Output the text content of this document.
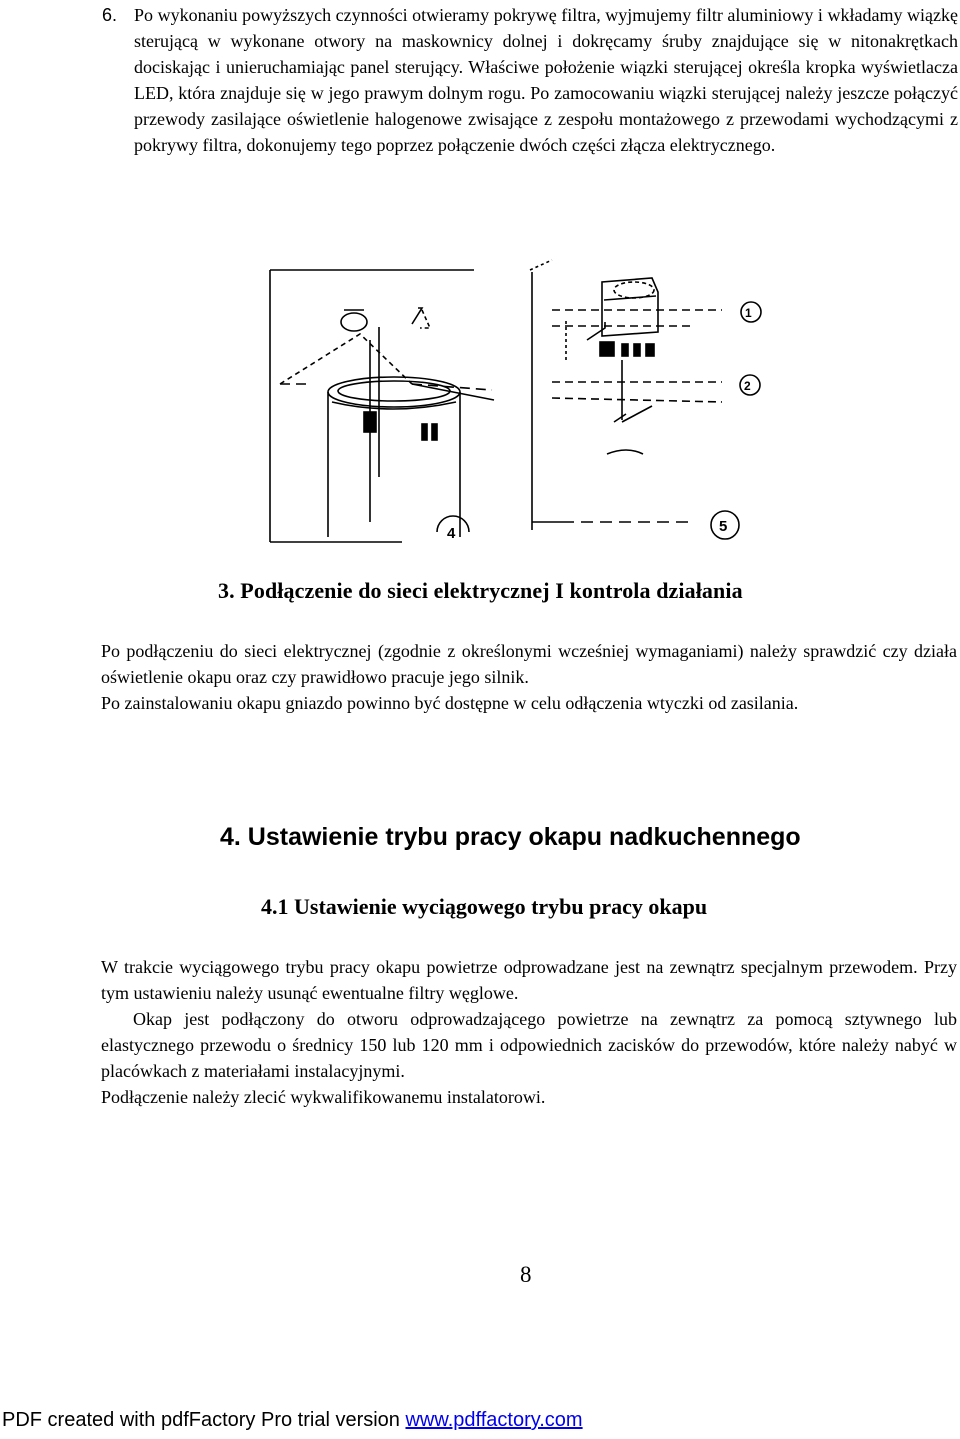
6. Po wykonaniu powyższych czynności otwieramy pokrywę filtra, wyjmujemy filtr aluminiowy i wkładamy wiązkę sterującą w wykonane otwory na maskownicy dolnej i dokręcamy śruby znajdujące się w nitonakrętkach dociskając i unieruchamiając panel sterujący. Właściwe położenie wiązki sterującej określa kropka wyświetlacza LED, która znajduje się w jego prawym dolnym rogu. Po zamocowaniu wiązki sterującej należy jeszcze połączyć przewody zasilające oświetlenie halogenowe zwisające z zespołu montażowego z przewodami wychodzącymi z pokrywy filtra, dokonujemy tego poprzez połączenie dwóch części złącza elektrycznego.
1
2
4	5
3. Podłączenie do sieci elektrycznej I kontrola działania
Po podłączeniu do sieci elektrycznej (zgodnie z określonymi wcześniej wymaganiami) należy sprawdzić czy działa oświetlenie okapu oraz czy prawidłowo pracuje jego silnik.
Po zainstalowaniu okapu gniazdo powinno być dostępne w celu odłączenia wtyczki od zasilania.
4. Ustawienie trybu pracy okapu nadkuchennego
4.1 Ustawienie wyciągowego trybu pracy okapu
W trakcie wyciągowego trybu pracy okapu powietrze odprowadzane jest na zewnątrz specjalnym przewodem. Przy tym ustawieniu należy usunąć ewentualne filtry węglowe.
Okap jest podłączony do otworu odprowadzającego powietrze na zewnątrz za pomocą sztywnego lub elastycznego przewodu o średnicy 150 lub 120 mm i odpowiednich zacisków do przewodów, które należy nabyć w placówkach z materiałami instalacyjnymi.
Podłączenie należy zlecić wykwalifikowanemu instalatorowi.
8
PDF created with pdfFactory Pro trial version www.pdffactory.com
